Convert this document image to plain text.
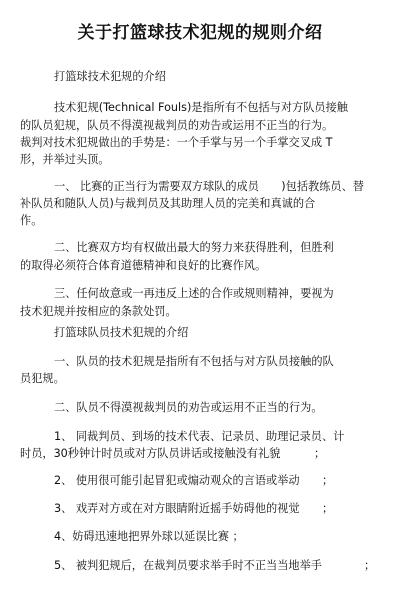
关于打篮球技术犯规的规则介绍
打篮球技术犯规的介绍
技术犯规(Technical Fouls)是指所有不包括与对方队员接触
的队员犯规，队员不得漠视裁判员的劝告或运用不正当的行为。
裁判对技术犯规做出的手势是：一个手掌与另一个手掌交叉成 T
形，并举过头顶。
一、 比赛的正当行为需要双方球队的成员　　)包括教练员、替
补队员和随队人员)与裁判员及其助理人员的完美和真诚的合
作。
二、比赛双方均有权做出最大的努力来获得胜利，但胜利
的取得必须符合体育道德精神和良好的比赛作风。
三、任何故意或一再违反上述的合作或规则精神，要视为
技术犯规并按相应的条款处罚。
打篮球队员技术犯规的介绍
一、队员的技术犯规是指所有不包括与对方队员接触的队
员犯规。
二、队员不得漠视裁判员的劝告或运用不正当的行为。
1、 同裁判员、到场的技术代表、记录员、助理记录员、计
时员，30秒钟计时员或对方队员讲话或接触没有礼貌	；
2、 使用很可能引起冒犯或煽动观众的言语或举动 ；
3、 戏弄对方或在对方眼睛附近摇手妨碍他的视觉 ；
4、妨碍迅速地把界外球以延误比赛 ；
5、 被判犯规后，在裁判员要求举手时不正当当地举手	；
